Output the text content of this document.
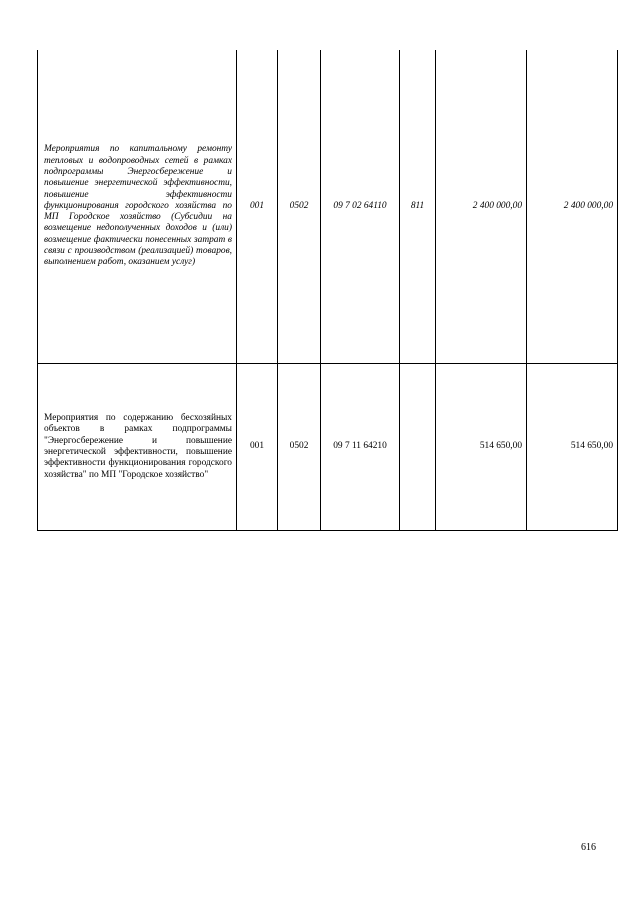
Мероприятия по капитальному ремонту тепловых и водопроводных сетей в рамках подпрограммы Энергосбережение и повышение энергетической эффективности, повышение эффективности функционирования городского хозяйства по МП Городское хозяйство (Субсидии на возмещение недополученных доходов и (или) возмещение фактически понесенных затрат в связи с производством (реализацией) товаров, выполнением работ, оказанием услуг)	001	0502	09 7 02 64110	811	2 400 000,00	2 400 000,00
Мероприятия по содержанию бесхозяйных объектов в рамках подпрограммы "Энергосбережение и повышение энергетической эффективности, повышение эффективности функционирования городского хозяйства" по МП "Городское хозяйство"	001	0502	09 7 11 64210		514 650,00	514 650,00
616
